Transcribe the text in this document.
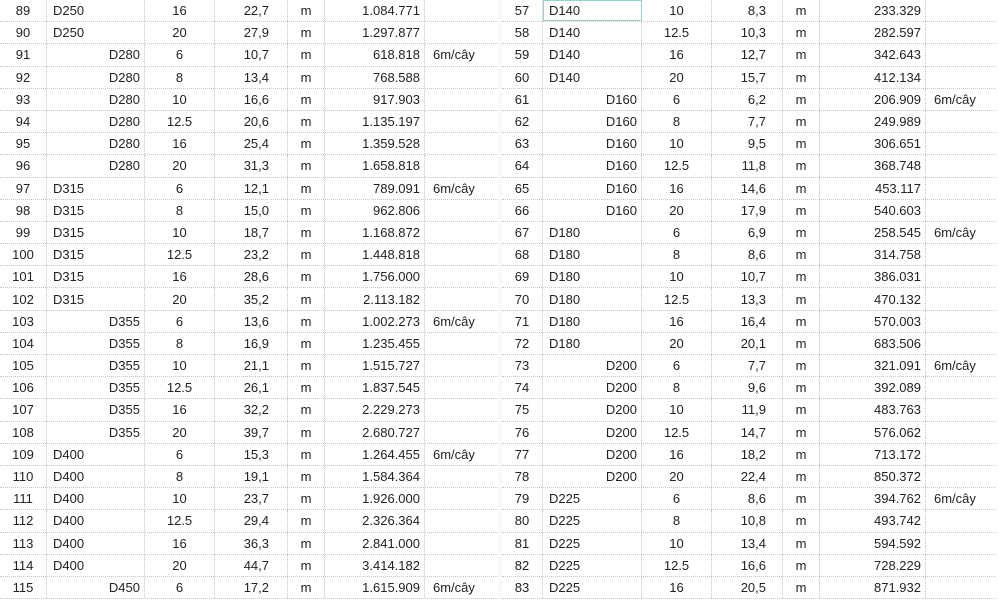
89	D250	16	22,7	m	1.084.771
90	D250	20	27,9	m	1.297.877
91	D280	6	10,7	m	618.818	6m/cây
92	D280	8	13,4	m	768.588
93	D280	10	16,6	m	917.903
94	D280	12.5	20,6	m	1.135.197
95	D280	16	25,4	m	1.359.528
96	D280	20	31,3	m	1.658.818
97	D315	6	12,1	m	789.091	6m/cây
98	D315	8	15,0	m	962.806
99	D315	10	18,7	m	1.168.872
100	D315	12.5	23,2	m	1.448.818
101	D315	16	28,6	m	1.756.000
102	D315	20	35,2	m	2.113.182
103	D355	6	13,6	m	1.002.273	6m/cây
104	D355	8	16,9	m	1.235.455
105	D355	10	21,1	m	1.515.727
106	D355	12.5	26,1	m	1.837.545
107	D355	16	32,2	m	2.229.273
108	D355	20	39,7	m	2.680.727
109	D400	6	15,3	m	1.264.455	6m/cây
110	D400	8	19,1	m	1.584.364
111	D400	10	23,7	m	1.926.000
112	D400	12.5	29,4	m	2.326.364
113	D400	16	36,3	m	2.841.000
114	D400	20	44,7	m	3.414.182
115	D450	6	17,2	m	1.615.909	6m/cây
57	D140	10	8,3	m	233.329
58	D140	12.5	10,3	m	282.597
59	D140	16	12,7	m	342.643
60	D140	20	15,7	m	412.134
61	D160	6	6,2	m	206.909	6m/cây
62	D160	8	7,7	m	249.989
63	D160	10	9,5	m	306.651
64	D160	12.5	11,8	m	368.748
65	D160	16	14,6	m	453.117
66	D160	20	17,9	m	540.603
67	D180	6	6,9	m	258.545	6m/cây
68	D180	8	8,6	m	314.758
69	D180	10	10,7	m	386.031
70	D180	12.5	13,3	m	470.132
71	D180	16	16,4	m	570.003
72	D180	20	20,1	m	683.506
73	D200	6	7,7	m	321.091	6m/cây
74	D200	8	9,6	m	392.089
75	D200	10	11,9	m	483.763
76	D200	12.5	14,7	m	576.062
77	D200	16	18,2	m	713.172
78	D200	20	22,4	m	850.372
79	D225	6	8,6	m	394.762	6m/cây
80	D225	8	10,8	m	493.742
81	D225	10	13,4	m	594.592
82	D225	12.5	16,6	m	728.229
83	D225	16	20,5	m	871.932
